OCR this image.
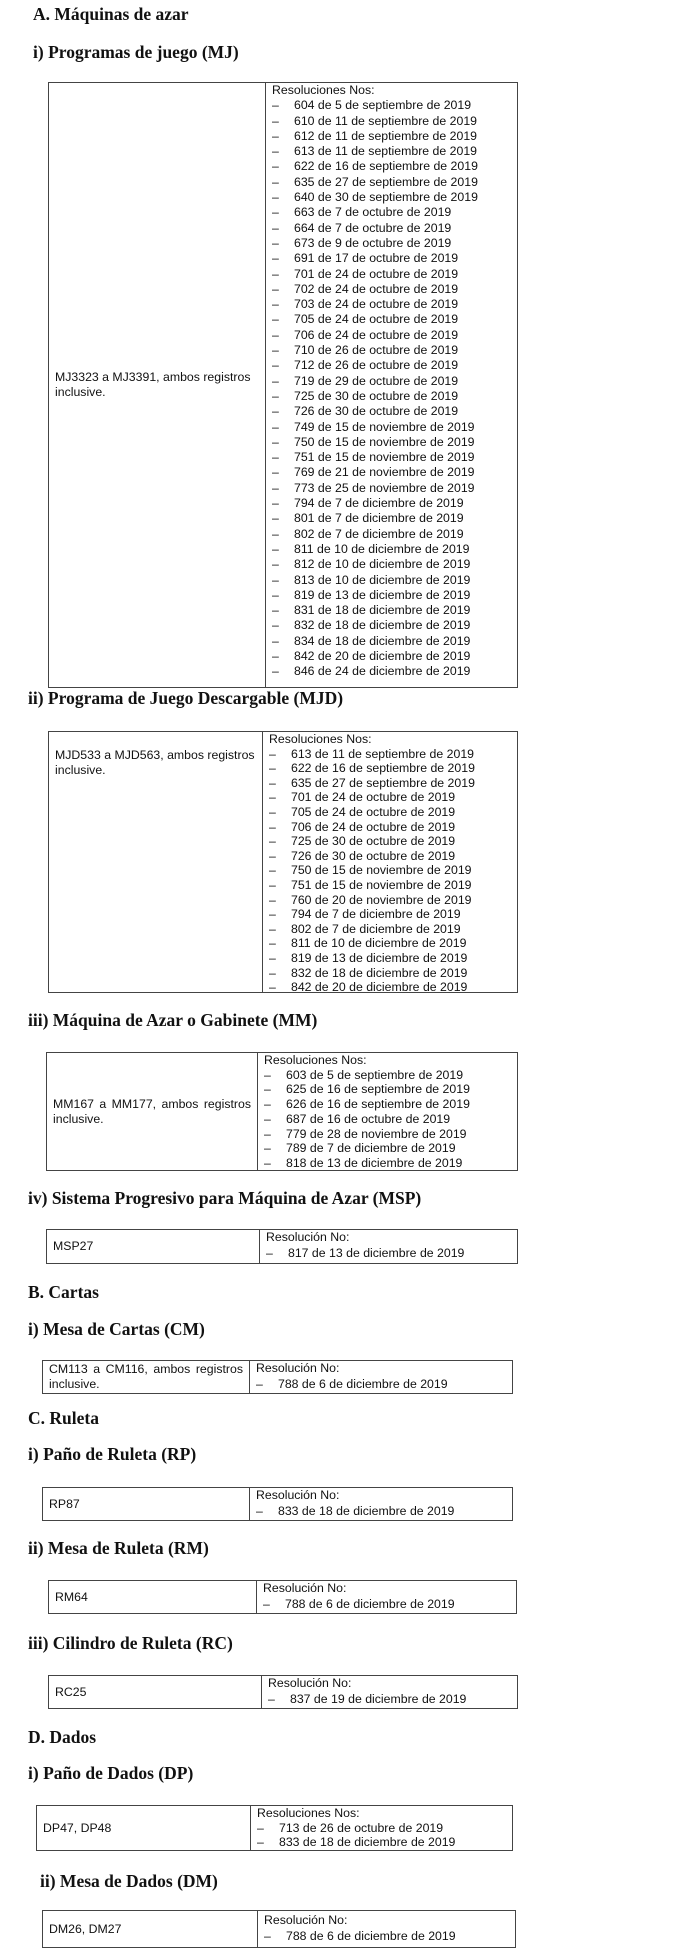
A. Máquinas de azar
i) Programas de juego (MJ)
MJ3323 a MJ3391, ambos registros inclusive.
Resoluciones Nos:
– 604 de 5 de septiembre de 2019
– 610 de 11 de septiembre de 2019
– 612 de 11 de septiembre de 2019
– 613 de 11 de septiembre de 2019
– 622 de 16 de septiembre de 2019
– 635 de 27 de septiembre de 2019
– 640 de 30 de septiembre de 2019
– 663 de 7 de octubre de 2019
– 664 de 7 de octubre de 2019
– 673 de 9 de octubre de 2019
– 691 de 17 de octubre de 2019
– 701 de 24 de octubre de 2019
– 702 de 24 de octubre de 2019
– 703 de 24 de octubre de 2019
– 705 de 24 de octubre de 2019
– 706 de 24 de octubre de 2019
– 710 de 26 de octubre de 2019
– 712 de 26 de octubre de 2019
– 719 de 29 de octubre de 2019
– 725 de 30 de octubre de 2019
– 726 de 30 de octubre de 2019
– 749 de 15 de noviembre de 2019
– 750 de 15 de noviembre de 2019
– 751 de 15 de noviembre de 2019
– 769 de 21 de noviembre de 2019
– 773 de 25 de noviembre de 2019
– 794 de 7 de diciembre de 2019
– 801 de 7 de diciembre de 2019
– 802 de 7 de diciembre de 2019
– 811 de 10 de diciembre de 2019
– 812 de 10 de diciembre de 2019
– 813 de 10 de diciembre de 2019
– 819 de 13 de diciembre de 2019
– 831 de 18 de diciembre de 2019
– 832 de 18 de diciembre de 2019
– 834 de 18 de diciembre de 2019
– 842 de 20 de diciembre de 2019
– 846 de 24 de diciembre de 2019
ii) Programa de Juego Descargable (MJD)
MJD533 a MJD563, ambos registros inclusive.
Resoluciones Nos:
– 613 de 11 de septiembre de 2019
– 622 de 16 de septiembre de 2019
– 635 de 27 de septiembre de 2019
– 701 de 24 de octubre de 2019
– 705 de 24 de octubre de 2019
– 706 de 24 de octubre de 2019
– 725 de 30 de octubre de 2019
– 726 de 30 de octubre de 2019
– 750 de 15 de noviembre de 2019
– 751 de 15 de noviembre de 2019
– 760 de 20 de noviembre de 2019
– 794 de 7 de diciembre de 2019
– 802 de 7 de diciembre de 2019
– 811 de 10 de diciembre de 2019
– 819 de 13 de diciembre de 2019
– 832 de 18 de diciembre de 2019
– 842 de 20 de diciembre de 2019
iii) Máquina de Azar o Gabinete (MM)
MM167 a MM177, ambos registros inclusive.
Resoluciones Nos:
– 603 de 5 de septiembre de 2019
– 625 de 16 de septiembre de 2019
– 626 de 16 de septiembre de 2019
– 687 de 16 de octubre de 2019
– 779 de 28 de noviembre de 2019
– 789 de 7 de diciembre de 2019
– 818 de 13 de diciembre de 2019
iv) Sistema Progresivo para Máquina de Azar (MSP)
MSP27
Resolución No:
– 817 de 13 de diciembre de 2019
B. Cartas
i) Mesa de Cartas (CM)
CM113 a CM116, ambos registros inclusive.
Resolución No:
– 788 de 6 de diciembre de 2019
C. Ruleta
i) Paño de Ruleta (RP)
RP87
Resolución No:
– 833 de 18 de diciembre de 2019
ii) Mesa de Ruleta (RM)
RM64
Resolución No:
– 788 de 6 de diciembre de 2019
iii) Cilindro de Ruleta (RC)
RC25
Resolución No:
– 837 de 19 de diciembre de 2019
D. Dados
i) Paño de Dados (DP)
DP47, DP48
Resoluciones Nos:
– 713 de 26 de octubre de 2019
– 833 de 18 de diciembre de 2019
ii) Mesa de Dados (DM)
DM26, DM27
Resolución No:
– 788 de 6 de diciembre de 2019
